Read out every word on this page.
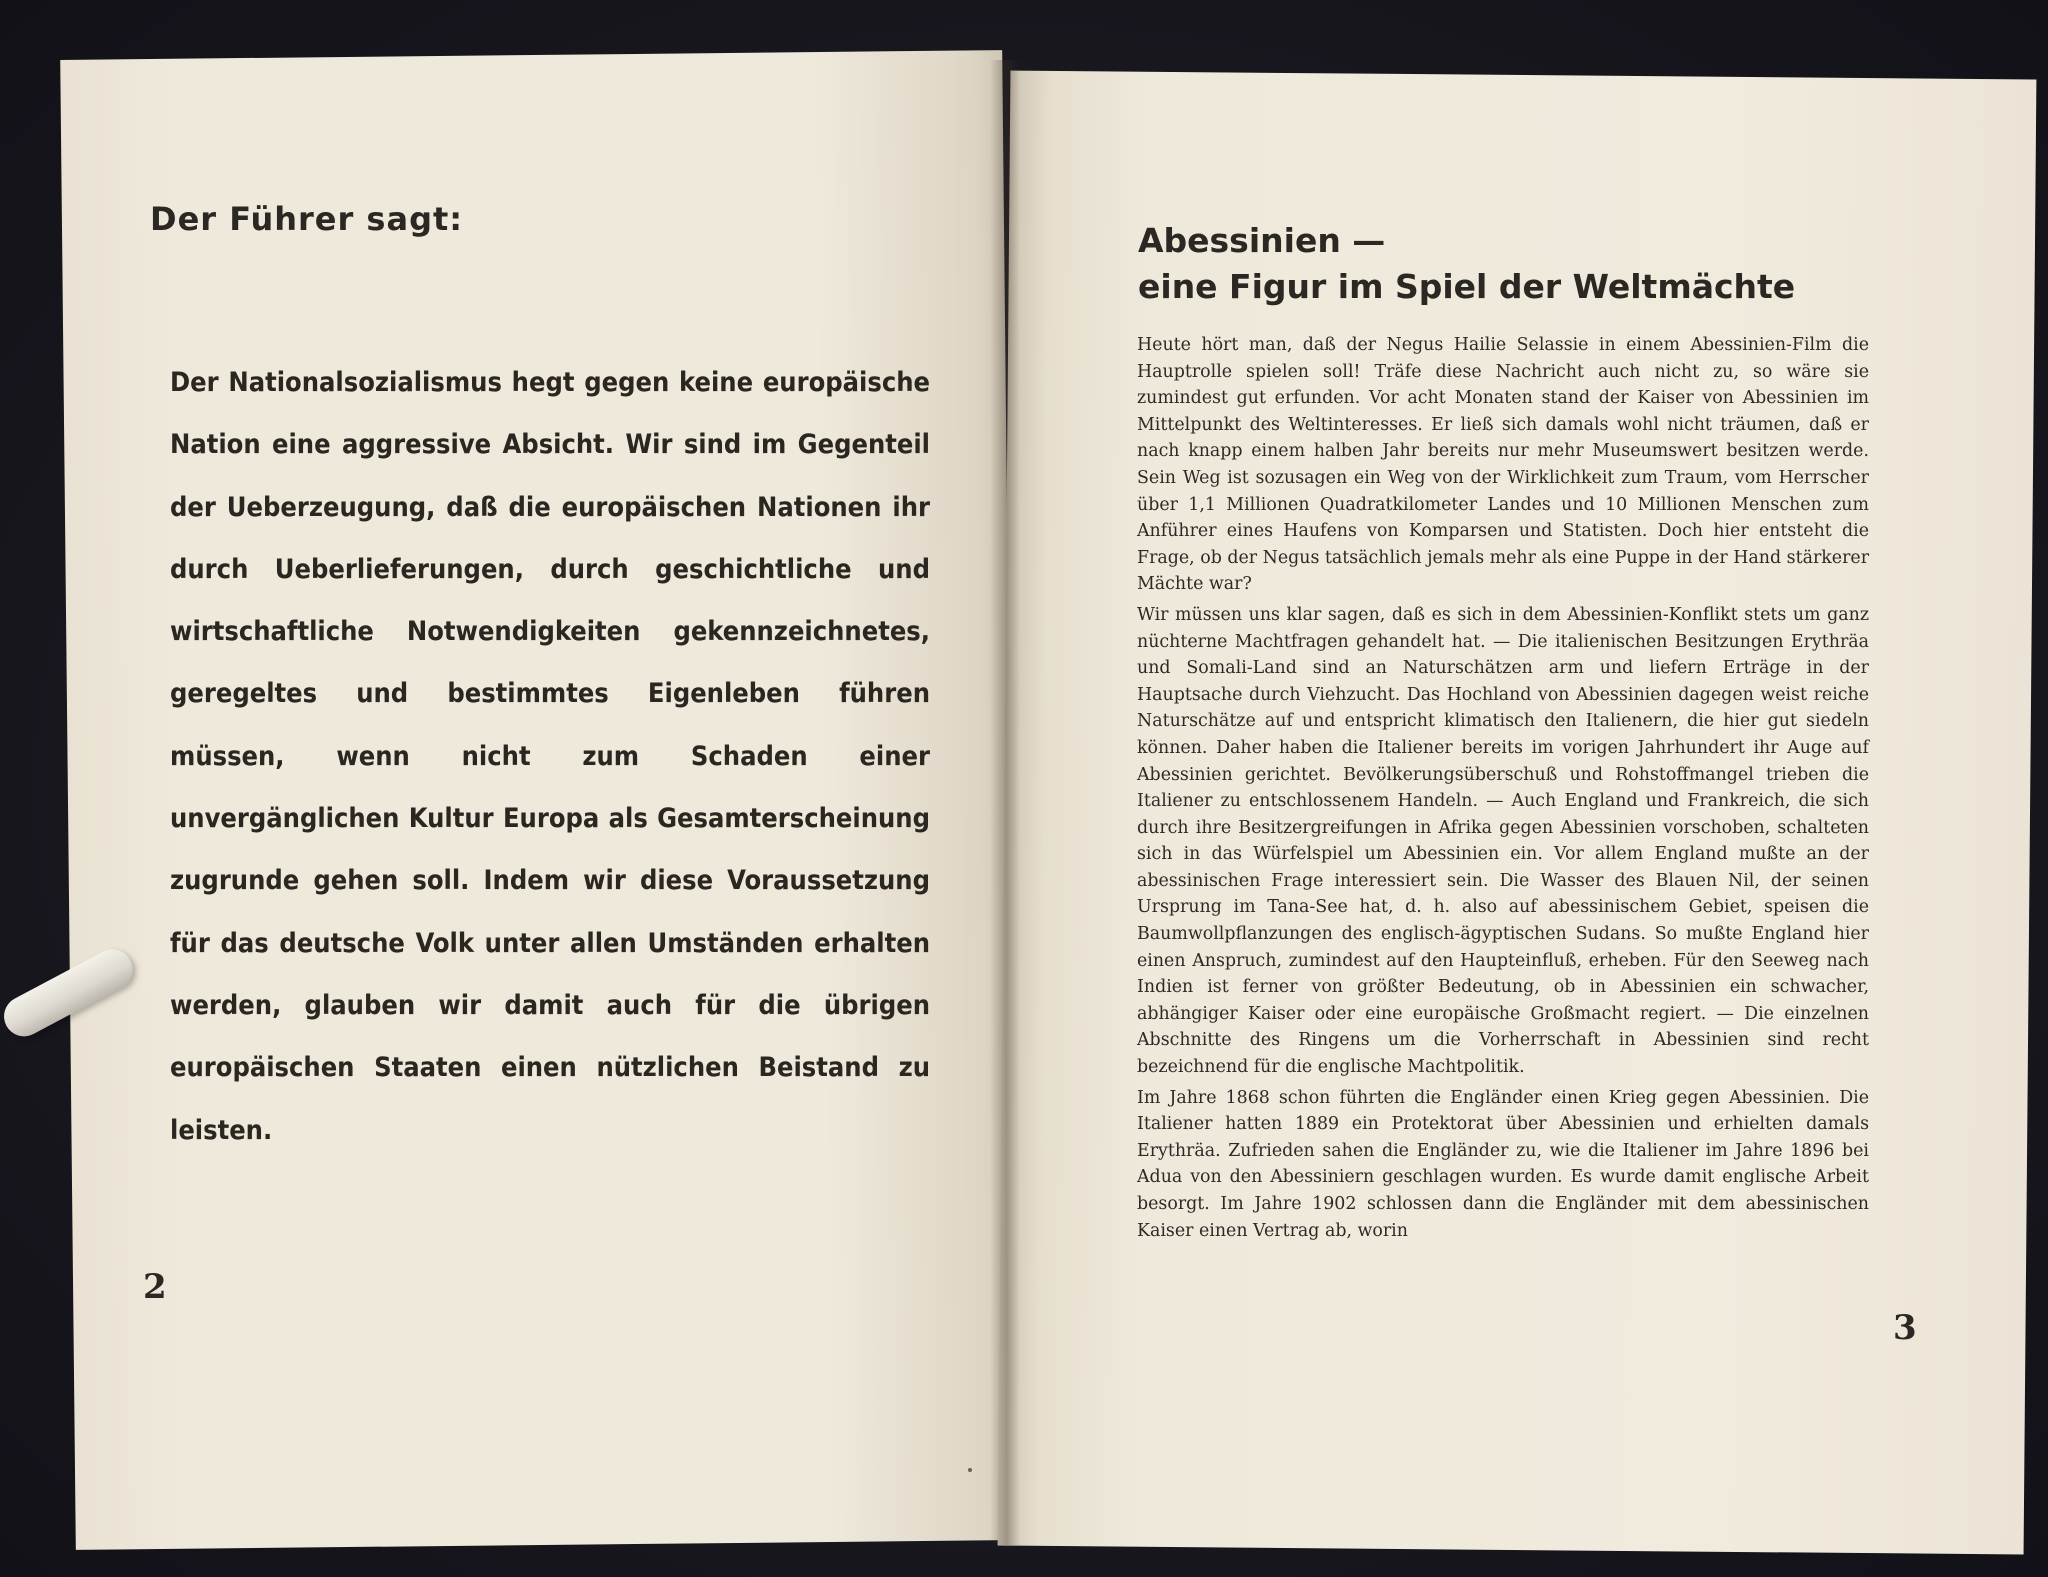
Der Führer sagt:

Der Nationalsozialismus hegt gegen keine europäische Nation eine aggressive Absicht. Wir sind im Gegenteil der Ueberzeugung, daß die europäischen Nationen ihr durch Ueberlieferungen, durch geschichtliche und wirtschaftliche Notwendigkeiten gekennzeichnetes, geregeltes und bestimmtes Eigenleben führen müssen, wenn nicht zum Schaden einer unvergänglichen Kultur Europa als Gesamterscheinung zugrunde gehen soll. Indem wir diese Voraussetzung für das deutsche Volk unter allen Umständen erhalten werden, glauben wir damit auch für die übrigen europäischen Staaten einen nützlichen Beistand zu leisten.

2
Abessinien —
eine Figur im Spiel der Weltmächte

Heute hört man, daß der Negus Hailie Selassie in einem Abessinien-Film die Hauptrolle spielen soll! Träfe diese Nachricht auch nicht zu, so wäre sie zumindest gut erfunden. Vor acht Monaten stand der Kaiser von Abessinien im Mittelpunkt des Weltinteresses. Er ließ sich damals wohl nicht träumen, daß er nach knapp einem halben Jahr bereits nur mehr Museumswert besitzen werde. Sein Weg ist sozusagen ein Weg von der Wirklichkeit zum Traum, vom Herrscher über 1,1 Millionen Quadratkilometer Landes und 10 Millionen Menschen zum Anführer eines Haufens von Komparsen und Statisten. Doch hier entsteht die Frage, ob der Negus tatsächlich jemals mehr als eine Puppe in der Hand stärkerer Mächte war?

Wir müssen uns klar sagen, daß es sich in dem Abessinien-Konflikt stets um ganz nüchterne Machtfragen gehandelt hat. — Die italienischen Besitzungen Erythräa und Somali-Land sind an Naturschätzen arm und liefern Erträge in der Hauptsache durch Viehzucht. Das Hochland von Abessinien dagegen weist reiche Naturschätze auf und entspricht klimatisch den Italienern, die hier gut siedeln können. Daher haben die Italiener bereits im vorigen Jahrhundert ihr Auge auf Abessinien gerichtet. Bevölkerungsüberschuß und Rohstoffmangel trieben die Italiener zu entschlossenem Handeln. — Auch England und Frankreich, die sich durch ihre Besitzergreifungen in Afrika gegen Abessinien vorschoben, schalteten sich in das Würfelspiel um Abessinien ein. Vor allem England mußte an der abessinischen Frage interessiert sein. Die Wasser des Blauen Nil, der seinen Ursprung im Tana-See hat, d. h. also auf abessinischem Gebiet, speisen die Baumwollpflanzungen des englisch-ägyptischen Sudans. So mußte England hier einen Anspruch, zumindest auf den Haupteinfluß, erheben. Für den Seeweg nach Indien ist ferner von größter Bedeutung, ob in Abessinien ein schwacher, abhängiger Kaiser oder eine europäische Großmacht regiert. — Die einzelnen Abschnitte des Ringens um die Vorherrschaft in Abessinien sind recht bezeichnend für die englische Machtpolitik.

Im Jahre 1868 schon führten die Engländer einen Krieg gegen Abessinien. Die Italiener hatten 1889 ein Protektorat über Abessinien und erhielten damals Erythräa. Zufrieden sahen die Engländer zu, wie die Italiener im Jahre 1896 bei Adua von den Abessiniern geschlagen wurden. Es wurde damit englische Arbeit besorgt. Im Jahre 1902 schlossen dann die Engländer mit dem abessinischen Kaiser einen Vertrag ab, worin

3
